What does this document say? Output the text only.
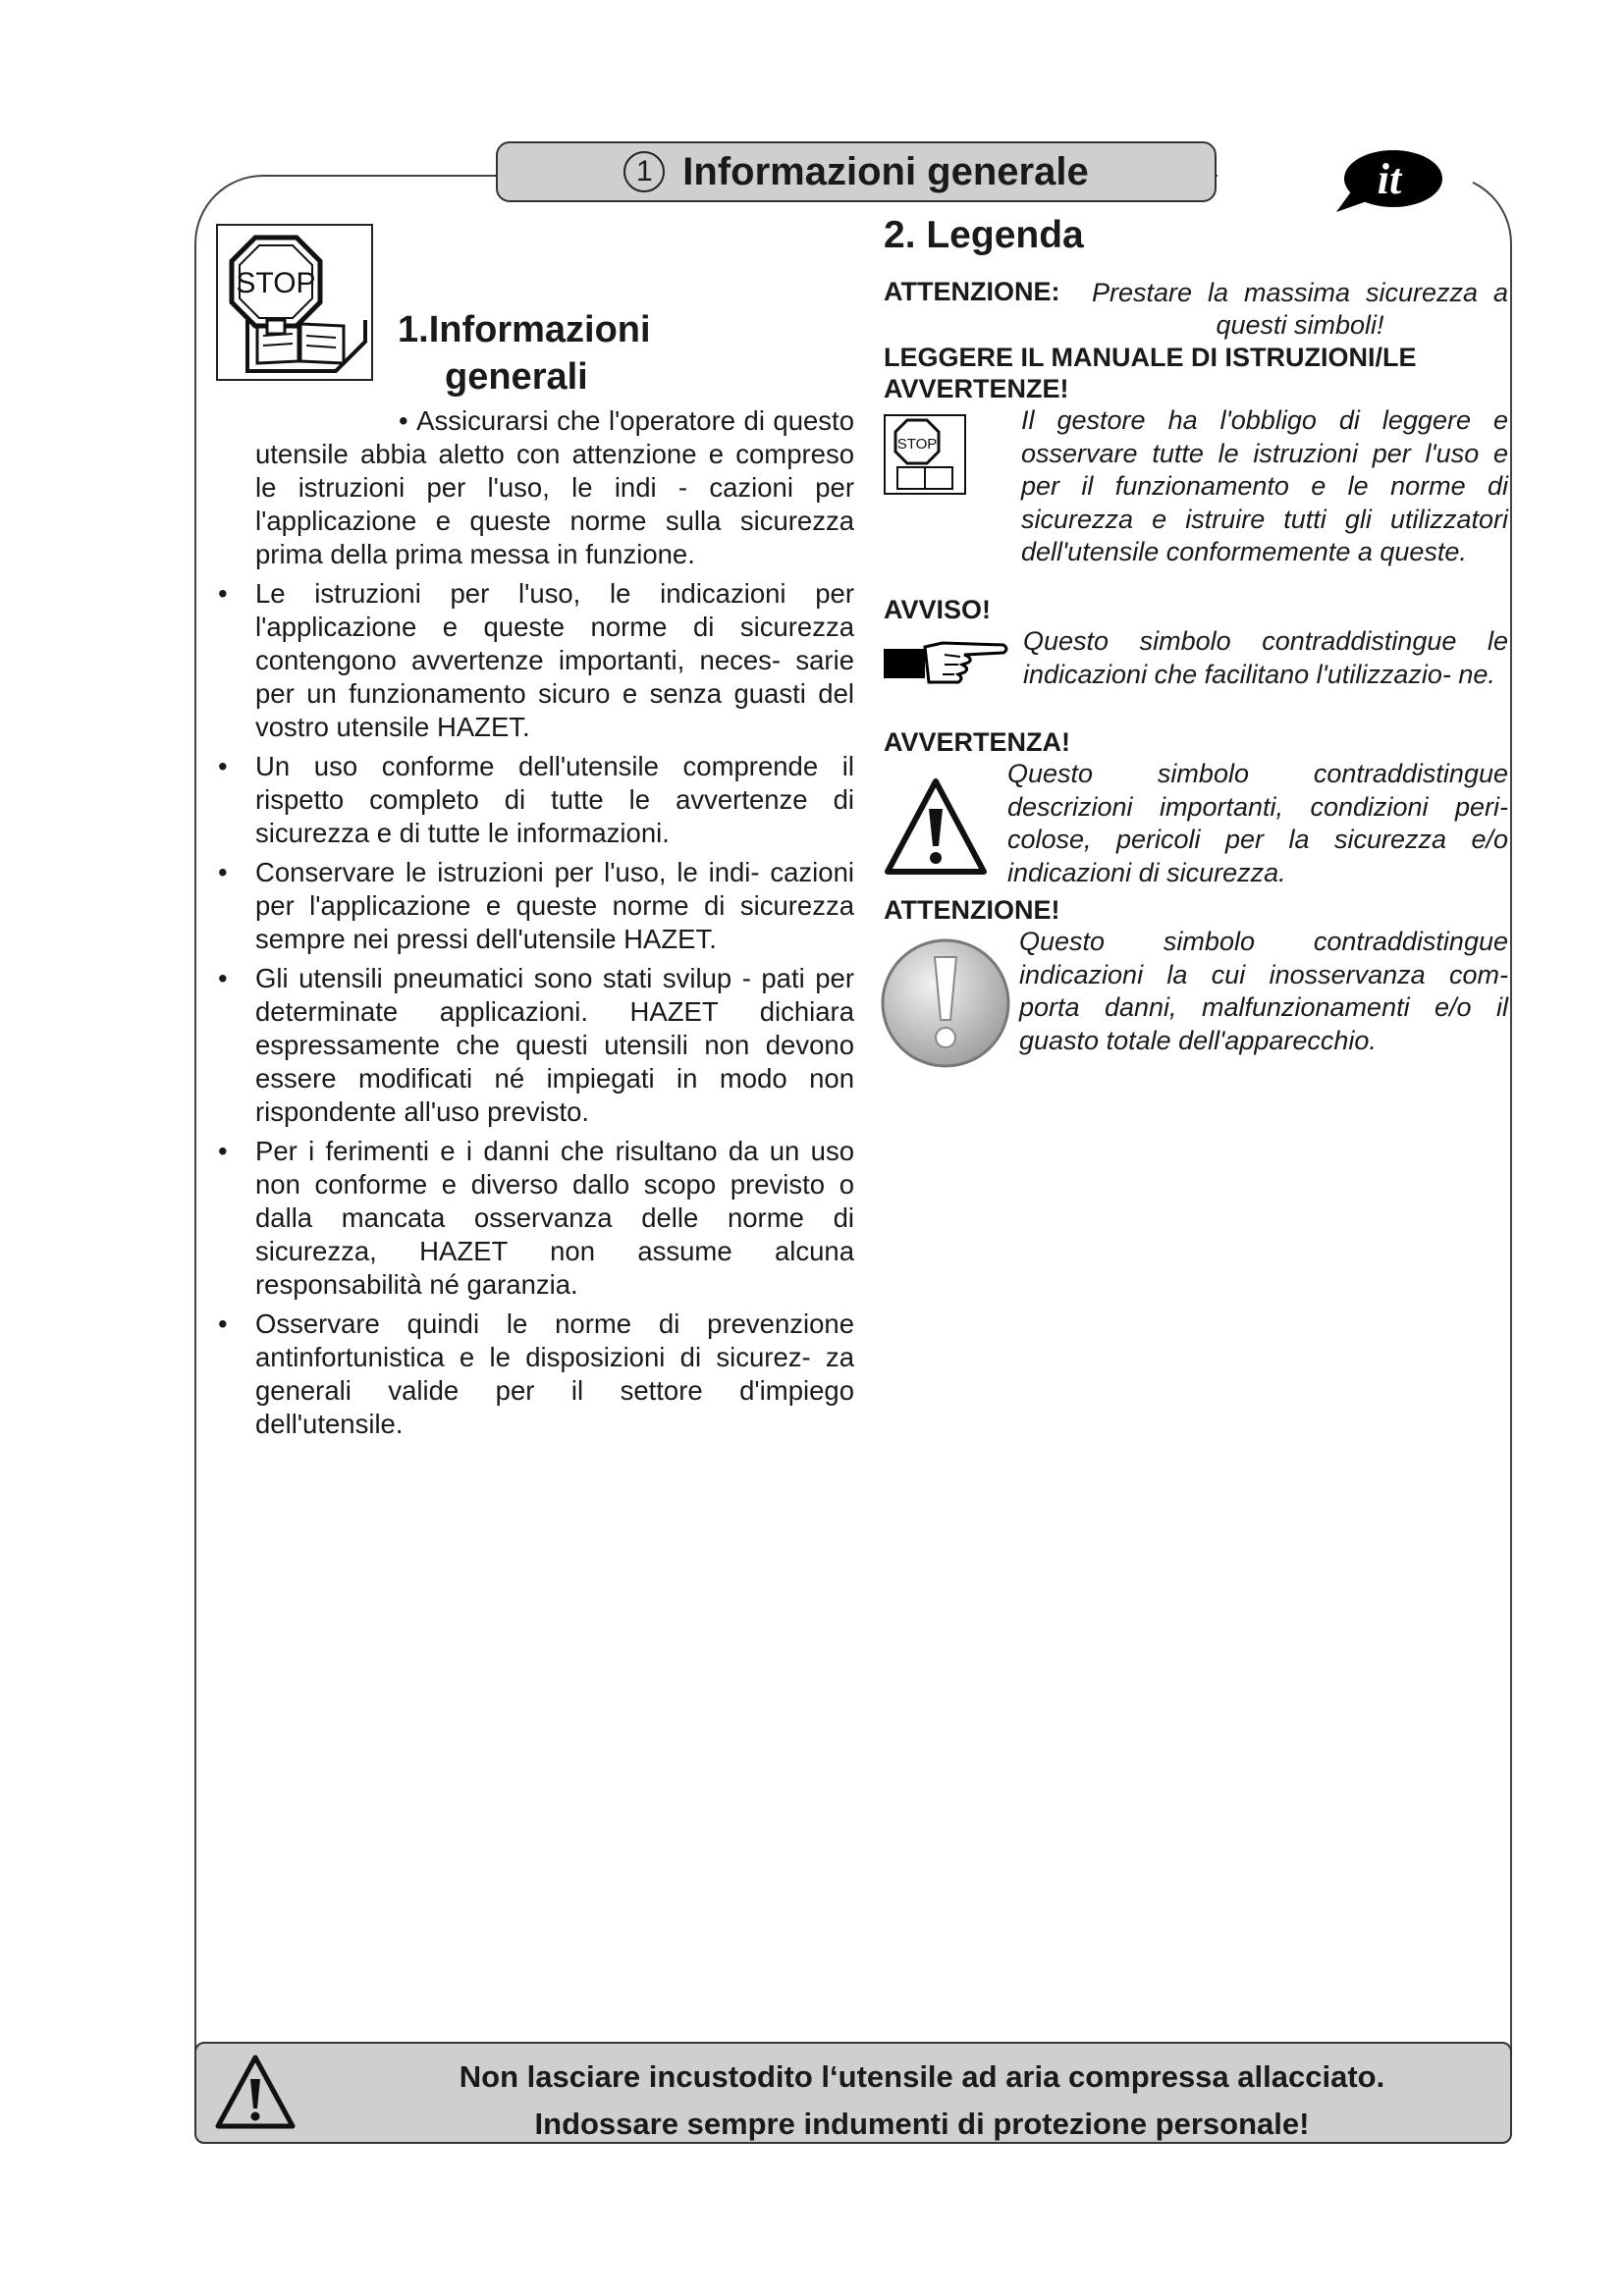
1 Informazioni generale	it
STOP
1.Informazioni
generali

• Assicurarsi che l'operatore di questo utensile abbia aletto con attenzione e compreso le istruzioni per l'uso, le indi - cazioni per l'applicazione e queste norme sulla sicurezza prima della prima messa in funzione.

• Le istruzioni per l'uso, le indicazioni per l'applicazione e queste norme di sicurezza contengono avvertenze importanti, neces- sarie per un funzionamento sicuro e senza guasti del vostro utensile HAZET.

• Un uso conforme dell'utensile comprende il rispetto completo di tutte le avvertenze di sicurezza e di tutte le informazioni.

• Conservare le istruzioni per l'uso, le indi- cazioni per l'applicazione e queste norme di sicurezza sempre nei pressi dell'utensile HAZET.

• Gli utensili pneumatici sono stati svilup - pati per determinate applicazioni. HAZET dichiara espressamente che questi utensili non devono essere modificati né impiegati in modo non rispondente all'uso previsto.

• Per i ferimenti e i danni che risultano da un uso non conforme e diverso dallo scopo previsto o dalla mancata osservanza delle norme di sicurezza, HAZET non assume alcuna responsabilità né garanzia.

• Osservare quindi le norme di prevenzione antinfortunistica e le disposizioni di sicurez- za generali valide per il settore d'impiego dell'utensile.

2. Legenda
ATTENZIONE: Prestare la massima sicurezza a questi simboli!
LEGGERE IL MANUALE DI ISTRUZIONI/LE AVVERTENZE!
STOP
Il gestore ha l'obbligo di leggere e osservare tutte le istruzioni per l'uso e per il funzionamento e le norme di sicurezza e istruire tutti gli utilizzatori dell'utensile conformemente a queste.
AVVISO!
Questo simbolo contraddistingue le indicazioni che facilitano l'utilizzazio- ne.
AVVERTENZA!
Questo simbolo contraddistingue descrizioni importanti, condizioni peri- colose, pericoli per la sicurezza e/o indicazioni di sicurezza.
ATTENZIONE!
Questo simbolo contraddistingue indicazioni la cui inosservanza com- porta danni, malfunzionamenti e/o il guasto totale dell'apparecchio.
Non lasciare incustodito l‘utensile ad aria compressa allacciato.
Indossare sempre indumenti di protezione personale!
